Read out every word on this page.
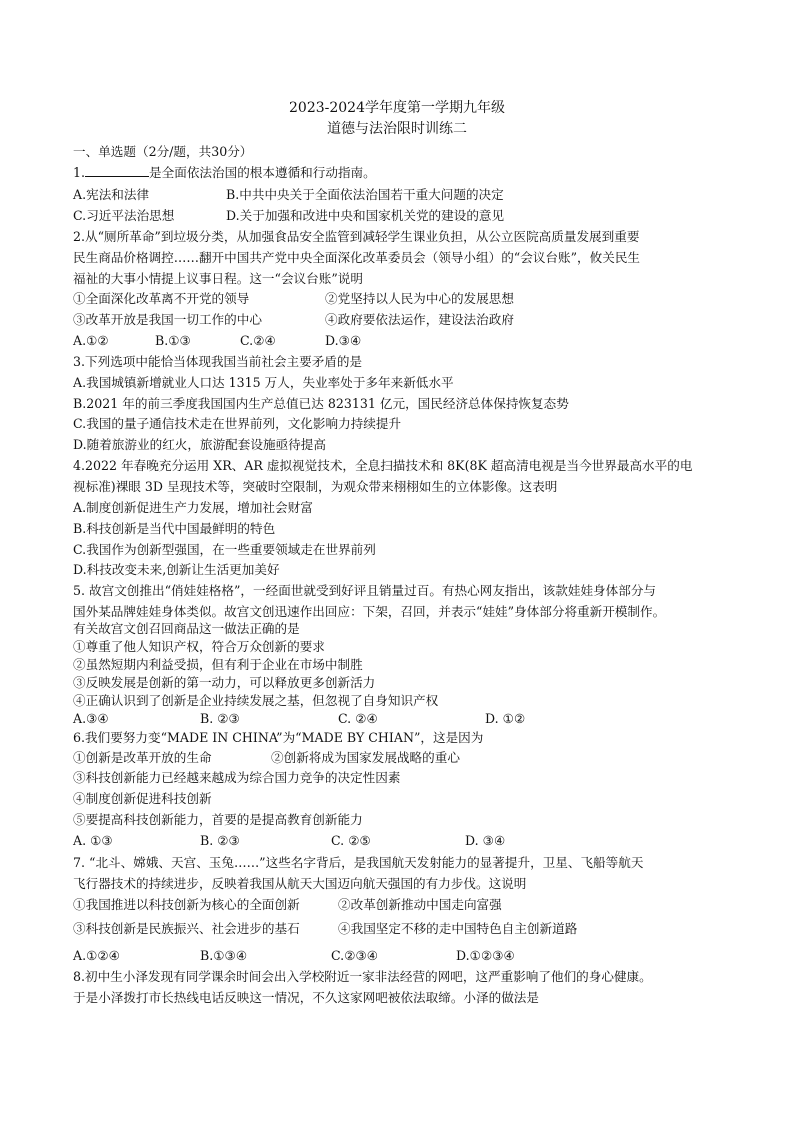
2023-2024学年度第一学期九年级
道德与法治限时训练二
一、单选题（2分/题，共30分）
1.	是全面依法治国的根本遵循和行动指南。
A.宪法和法律	B.中共中央关于全面依法治国若干重大问题的决定
C.习近平法治思想	D.关于加强和改进中央和国家机关党的建设的意见
2.从“厕所革命”到垃圾分类，从加强食品安全监管到减轻学生课业负担，从公立医院高质量发展到重要
民生商品价格调控……翻开中国共产党中央全面深化改革委员会（领导小组）的“会议台账”，攸关民生
福祉的大事小情提上议事日程。这一“会议台账”说明
①全面深化改革离不开党的领导	②党坚持以人民为中心的发展思想
③改革开放是我国一切工作的中心	④政府要依法运作，建设法治政府
A.①②	B.①③	C.②④	D.③④
3.下列选项中能恰当体现我国当前社会主要矛盾的是
A.我国城镇新增就业人口达 1315 万人，失业率处于多年来新低水平
B.2021 年的前三季度我国国内生产总值已达 823131 亿元，国民经济总体保持恢复态势
C.我国的量子通信技术走在世界前列，文化影响力持续提升
D.随着旅游业的红火，旅游配套设施亟待提高
4.2022 年春晚充分运用 XR、AR 虚拟视觉技术，全息扫描技术和 8K(8K 超高清电视是当今世界最高水平的电
视标准)裸眼 3D 呈现技术等，突破时空限制，为观众带来栩栩如生的立体影像。这表明
A.制度创新促进生产力发展，增加社会财富
B.科技创新是当代中国最鲜明的特色
C.我国作为创新型强国，在一些重要领域走在世界前列
D.科技改变未来,创新让生活更加美好
5. 故宫文创推出“俏娃娃格格”，一经面世就受到好评且销量过百。有热心网友指出，该款娃娃身体部分与
国外某品牌娃娃身体类似。故宫文创迅速作出回应：下架，召回，并表示“娃娃”身体部分将重新开模制作。
有关故宫文创召回商品这一做法正确的是
①尊重了他人知识产权，符合万众创新的要求
②虽然短期内利益受损，但有利于企业在市场中制胜
③反映发展是创新的第一动力，可以释放更多创新活力
④正确认识到了创新是企业持续发展之基，但忽视了自身知识产权
A.③④	B. ②③	C. ②④	D. ①②
6.我们要努力变“MADE IN CHINA”为“MADE BY CHIAN”，这是因为
①创新是改革开放的生命	②创新将成为国家发展战略的重心
③科技创新能力已经越来越成为综合国力竞争的决定性因素
④制度创新促进科技创新
⑤要提高科技创新能力，首要的是提高教育创新能力
A. ①③	B. ②③	C. ②⑤	D. ③④
7. “北斗、嫦娥、天宫、玉兔……”这些名字背后，是我国航天发射能力的显著提升，卫星、飞船等航天
飞行器技术的持续进步，反映着我国从航天大国迈向航天强国的有力步伐。这说明
①我国推进以科技创新为核心的全面创新	②改革创新推动中国走向富强
③科技创新是民族振兴、社会进步的基石	④我国坚定不移的走中国特色自主创新道路
A.①②④	B.①③④	C.②③④	D.①②③④
8.初中生小泽发现有同学课余时间会出入学校附近一家非法经营的网吧，这严重影响了他们的身心健康。
于是小泽拨打市长热线电话反映这一情况，不久这家网吧被依法取缔。小泽的做法是
